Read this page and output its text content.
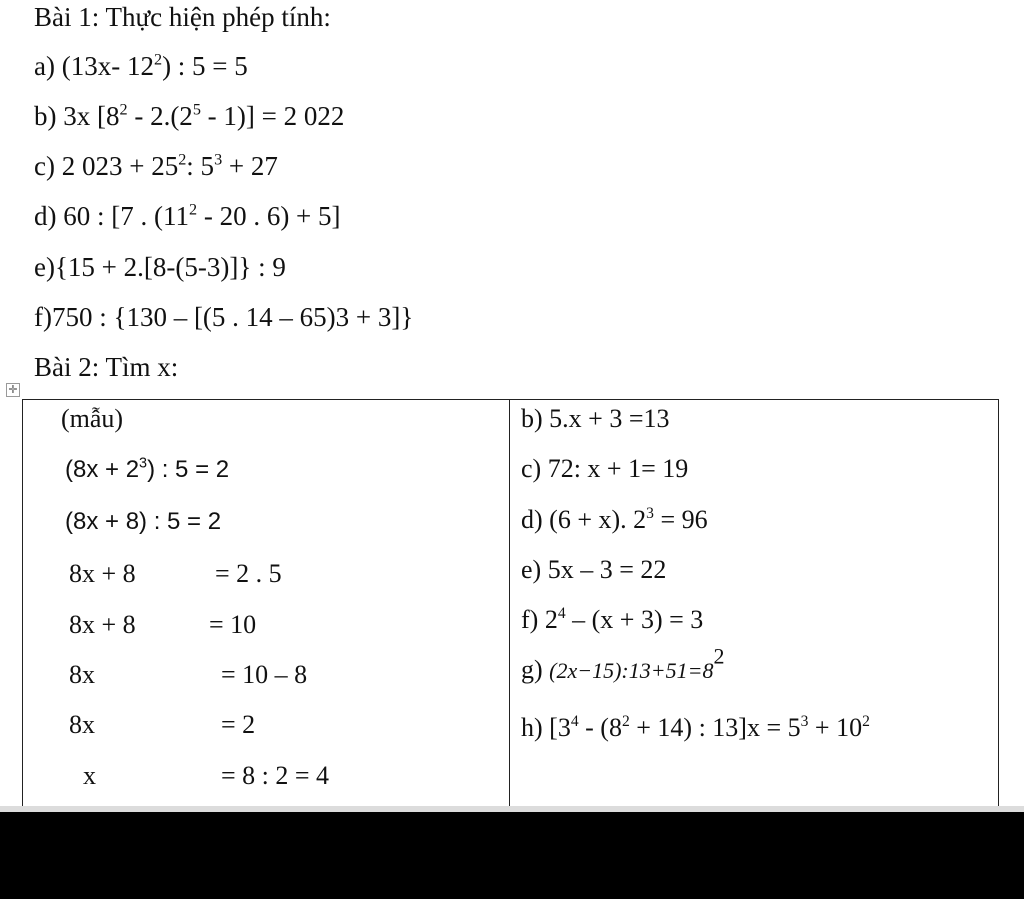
Bài 1: Thực hiện phép tính:
a) (13x- $12^2$) : 5 = 5
b) 3x $[8^2 - 2.(2^5 - 1)] = 2$ 022
c) 2 $023 + 25^2$: $5^3 + 27$
d) 60 : [7 . ($11^2 - 20$ . 6) + 5]
e){15 + 2.[8-(5-3)]} : 9
f)750 : {130 – [(5 . 14 – 65)3 + 3]}
Bài 2: Tìm x:
✛
(mẫu)
$(8x + 2^3)$ : 5 = 2
(8x + 8) : 5 = 2
8x + 8	= 2 . 5
8x + 8	= 10
8x	= 10 – 8
8x	= 2
x	= 8 : 2 = 4
b) 5.x + 3 =13
c) 72: x + 1= 19
d) (6 + x). $2^3 = 96$
e) 5x – 3 = 22
f) $2^4 - (x + 3) = 3$
g) $(2x-15):13+51=8^2$
h) [$3^4 - (8^2 + 14)$ : $13]x = 5^3 + 10^2$
